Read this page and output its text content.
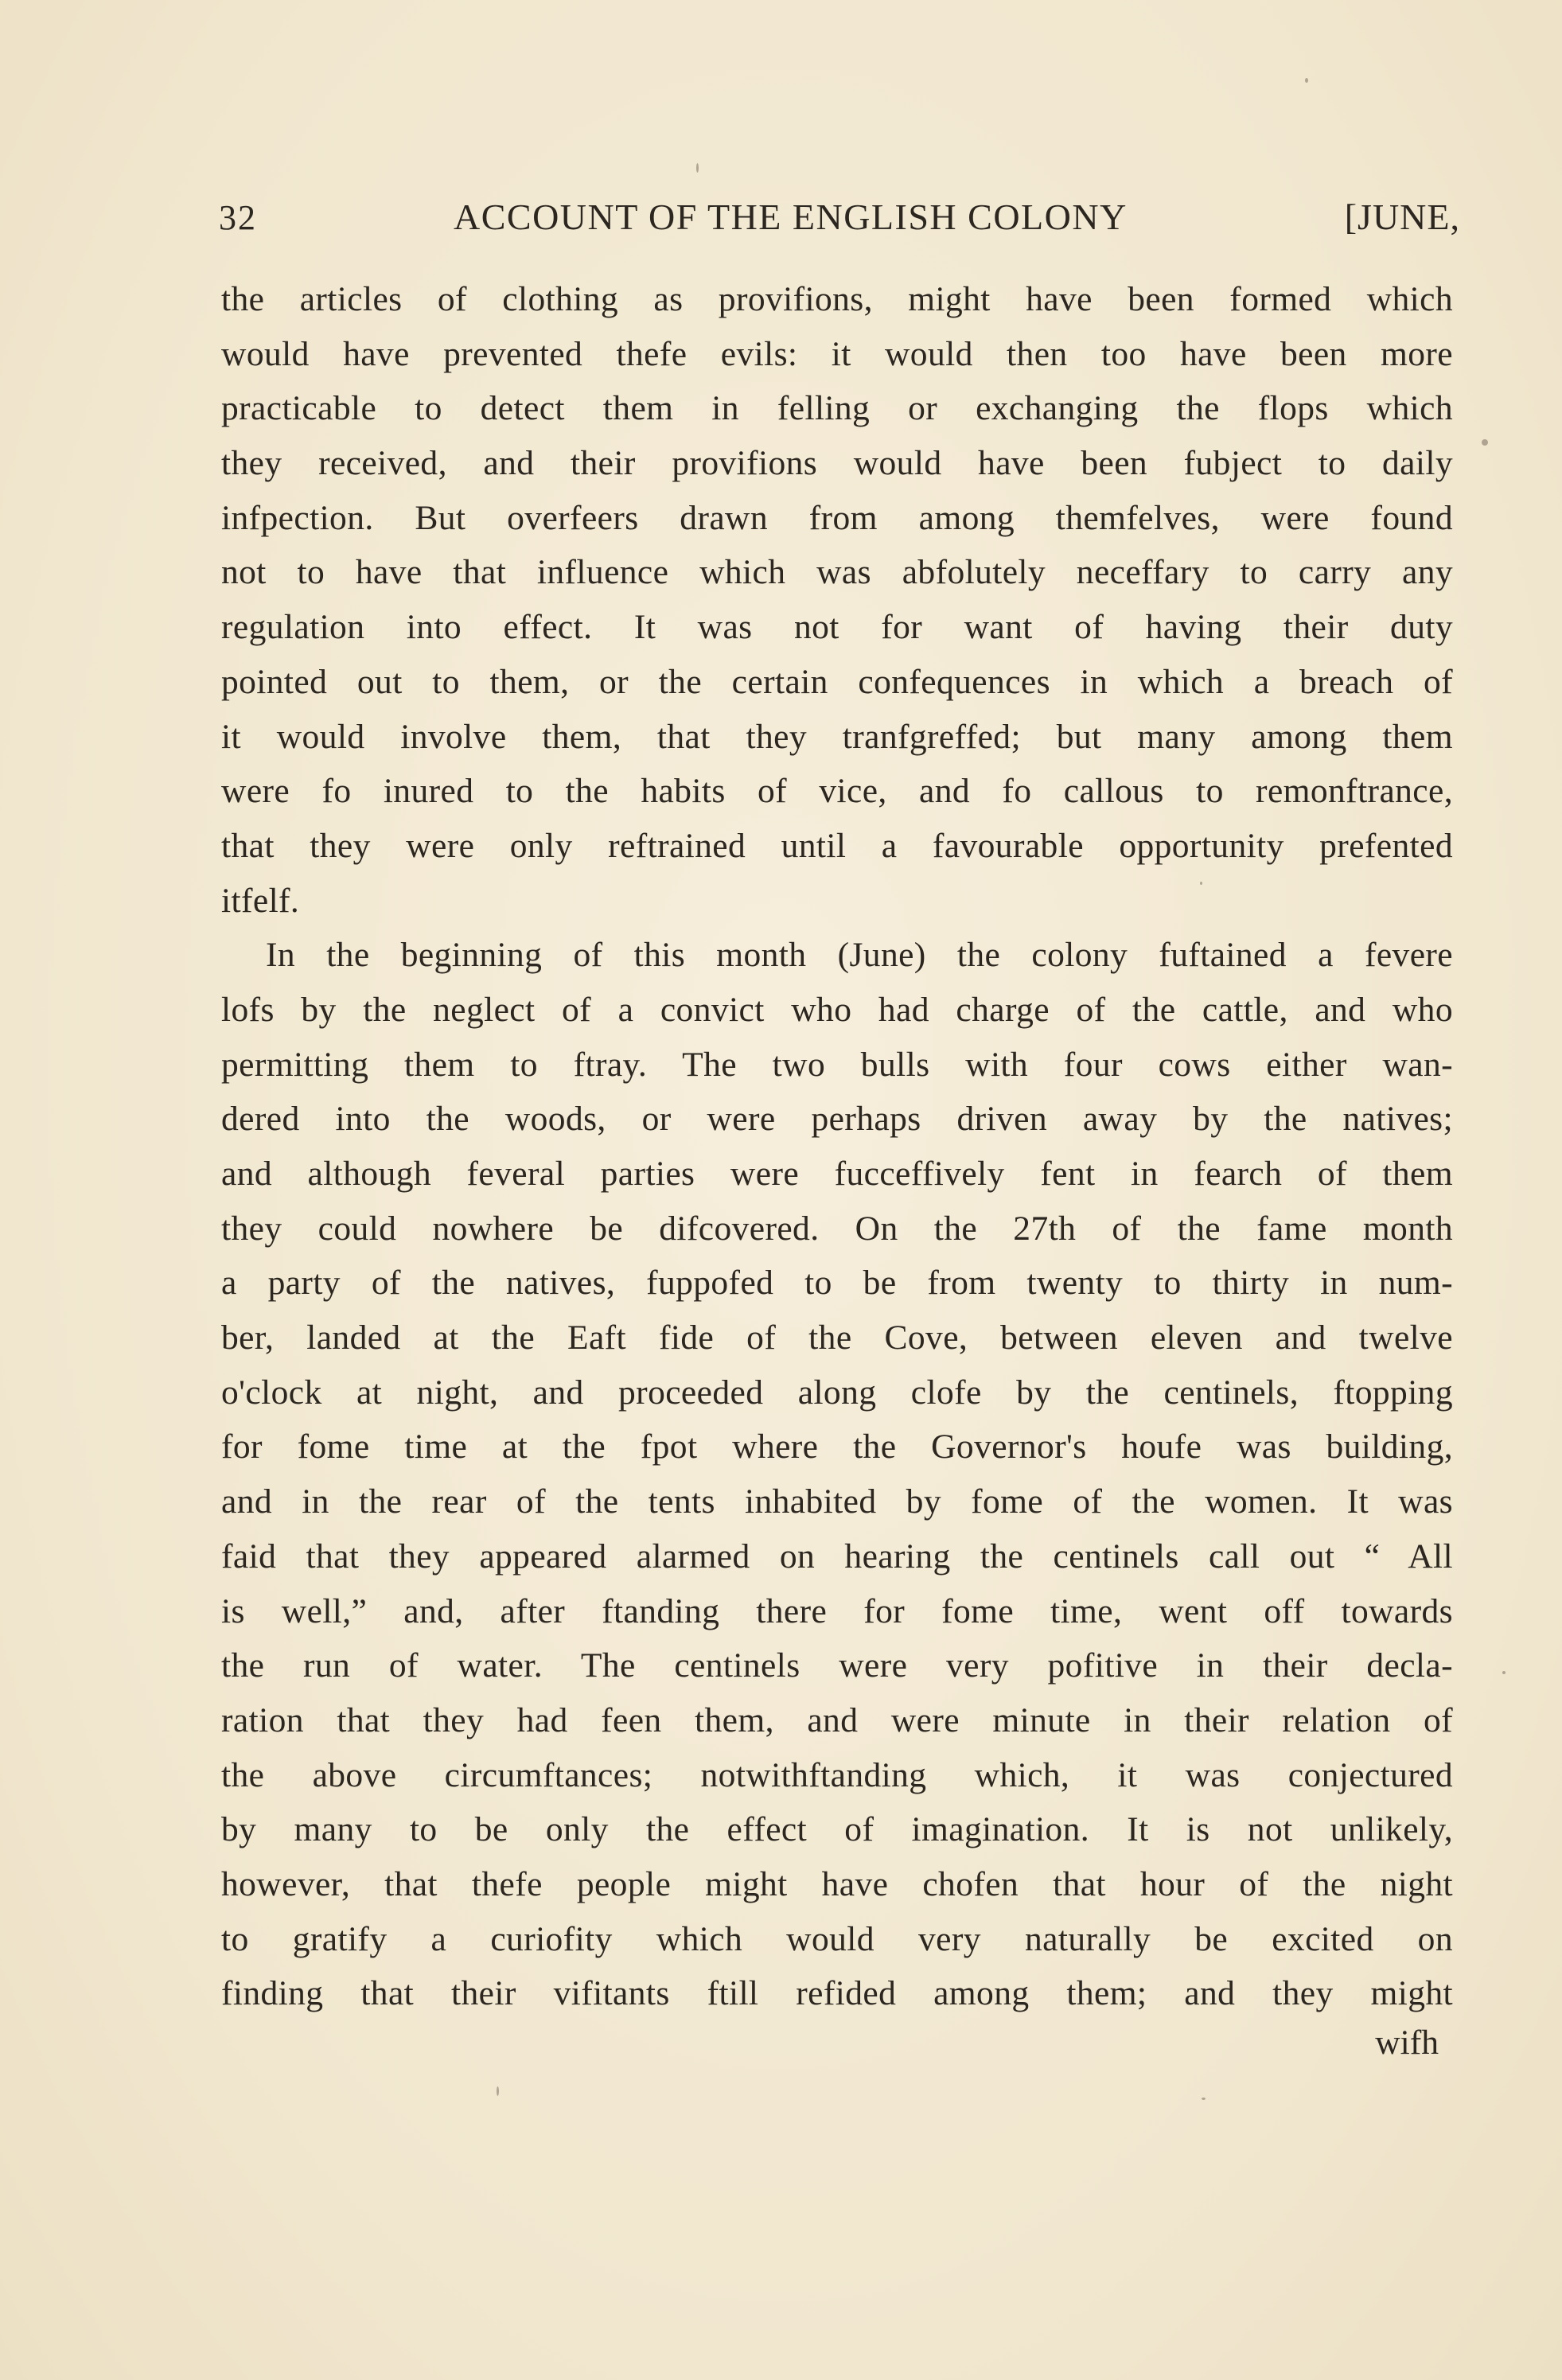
32	ACCOUNT OF THE ENGLISH COLONY	[JUNE,
the articles of clothing as provifions, might have been formed which
would have prevented thefe evils: it would then too have been more
practicable to detect them in felling or exchanging the flops which
they received, and their provifions would have been fubject to daily
infpection. But overfeers drawn from among themfelves, were found
not to have that influence which was abfolutely neceffary to carry any
regulation into effect. It was not for want of having their duty
pointed out to them, or the certain confequences in which a breach of
it would involve them, that they tranfgreffed; but many among them
were fo inured to the habits of vice, and fo callous to remonftrance,
that they were only reftrained until a favourable opportunity prefented
itfelf.
In the beginning of this month (June) the colony fuftained a fevere
lofs by the neglect of a convict who had charge of the cattle, and who
permitting them to ftray. The two bulls with four cows either wan-
dered into the woods, or were perhaps driven away by the natives;
and although feveral parties were fucceffively fent in fearch of them
they could nowhere be difcovered. On the 27th of the fame month
a party of the natives, fuppofed to be from twenty to thirty in num-
ber, landed at the Eaft fide of the Cove, between eleven and twelve
o'clock at night, and proceeded along clofe by the centinels, ftopping
for fome time at the fpot where the Governor's houfe was building,
and in the rear of the tents inhabited by fome of the women. It was
faid that they appeared alarmed on hearing the centinels call out “ All
is well,” and, after ftanding there for fome time, went off towards
the run of water. The centinels were very pofitive in their decla-
ration that they had feen them, and were minute in their relation of
the above circumftances; notwithftanding which, it was conjectured
by many to be only the effect of imagination. It is not unlikely,
however, that thefe people might have chofen that hour of the night
to gratify a curiofity which would very naturally be excited on
finding that their vifitants ftill refided among them; and they might
wifh
